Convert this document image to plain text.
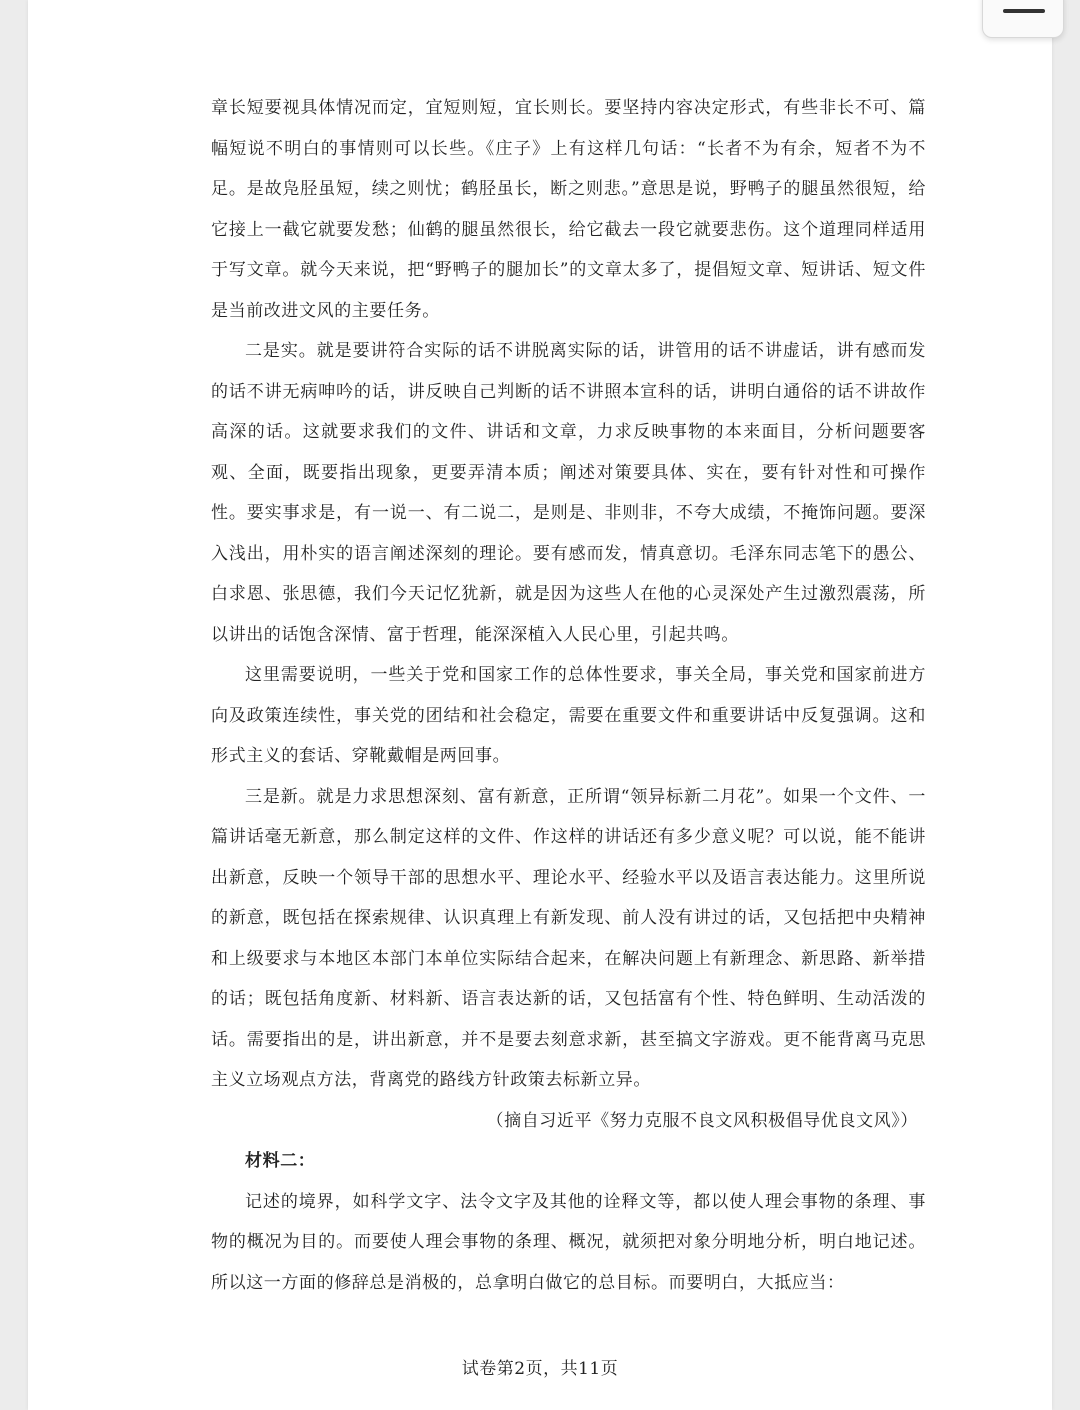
章长短要视具体情况而定，宜短则短，宜长则长。要坚持内容决定形式，有些非长不可、篇幅短说不明白的事情则可以长些。《庄子》上有这样几句话：“长者不为有余，短者不为不足。是故凫胫虽短，续之则忧；鹤胫虽长，断之则悲。”意思是说，野鸭子的腿虽然很短，给它接上一截它就要发愁；仙鹤的腿虽然很长，给它截去一段它就要悲伤。这个道理同样适用于写文章。就今天来说，把“野鸭子的腿加长”的文章太多了，提倡短文章、短讲话、短文件是当前改进文风的主要任务。

二是实。就是要讲符合实际的话不讲脱离实际的话，讲管用的话不讲虚话，讲有感而发的话不讲无病呻吟的话，讲反映自己判断的话不讲照本宣科的话，讲明白通俗的话不讲故作高深的话。这就要求我们的文件、讲话和文章，力求反映事物的本来面目，分析问题要客观、全面，既要指出现象，更要弄清本质；阐述对策要具体、实在，要有针对性和可操作性。要实事求是，有一说一、有二说二，是则是、非则非，不夸大成绩，不掩饰问题。要深入浅出，用朴实的语言阐述深刻的理论。要有感而发，情真意切。毛泽东同志笔下的愚公、白求恩、张思德，我们今天记忆犹新，就是因为这些人在他的心灵深处产生过激烈震荡，所以讲出的话饱含深情、富于哲理，能深深植入人民心里，引起共鸣。

这里需要说明，一些关于党和国家工作的总体性要求，事关全局，事关党和国家前进方向及政策连续性，事关党的团结和社会稳定，需要在重要文件和重要讲话中反复强调。这和形式主义的套话、穿靴戴帽是两回事。

三是新。就是力求思想深刻、富有新意，正所谓“领异标新二月花”。如果一个文件、一篇讲话毫无新意，那么制定这样的文件、作这样的讲话还有多少意义呢？可以说，能不能讲出新意，反映一个领导干部的思想水平、理论水平、经验水平以及语言表达能力。这里所说的新意，既包括在探索规律、认识真理上有新发现、前人没有讲过的话，又包括把中央精神和上级要求与本地区本部门本单位实际结合起来，在解决问题上有新理念、新思路、新举措的话；既包括角度新、材料新、语言表达新的话，又包括富有个性、特色鲜明、生动活泼的话。需要指出的是，讲出新意，并不是要去刻意求新，甚至搞文字游戏。更不能背离马克思主义立场观点方法，背离党的路线方针政策去标新立异。

（摘自习近平《努力克服不良文风积极倡导优良文风》）

材料二：

记述的境界，如科学文字、法令文字及其他的诠释文等，都以使人理会事物的条理、事物的概况为目的。而要使人理会事物的条理、概况，就须把对象分明地分析，明白地记述。所以这一方面的修辞总是消极的，总拿明白做它的总目标。而要明白，大抵应当：

试卷第2页，共11页
